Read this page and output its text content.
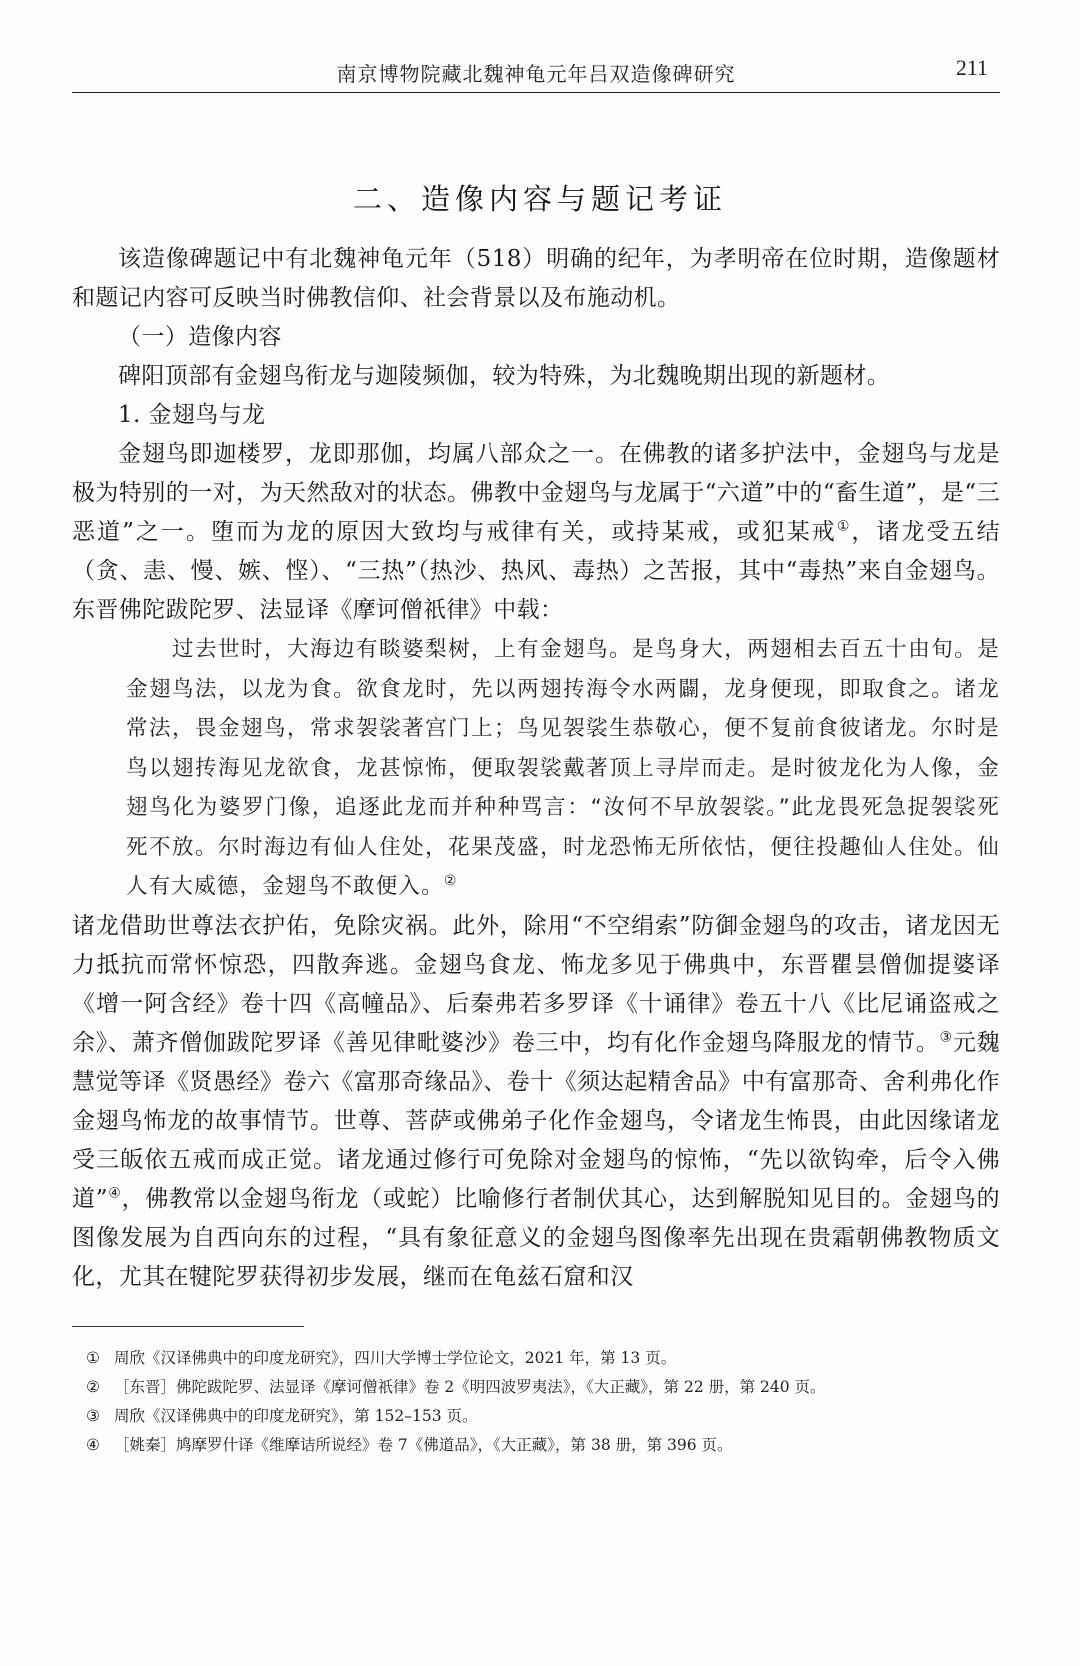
南京博物院藏北魏神龟元年吕双造像碑研究	211
二、造像内容与题记考证

该造像碑题记中有北魏神龟元年（518）明确的纪年，为孝明帝在位时期，造像题材和题记内容可反映当时佛教信仰、社会背景以及布施动机。

（一）造像内容

碑阳顶部有金翅鸟衔龙与迦陵频伽，较为特殊，为北魏晚期出现的新题材。

1. 金翅鸟与龙

金翅鸟即迦楼罗，龙即那伽，均属八部众之一。在佛教的诸多护法中，金翅鸟与龙是极为特别的一对，为天然敌对的状态。佛教中金翅鸟与龙属于“六道”中的“畜生道”，是“三恶道”之一。堕而为龙的原因大致均与戒律有关，或持某戒，或犯某戒①，诸龙受五结（贪、恚、慢、嫉、悭）、“三热”（热沙、热风、毒热）之苦报，其中“毒热”来自金翅鸟。东晋佛陀跋陀罗、法显译《摩诃僧祇律》中载：

过去世时，大海边有睒婆梨树，上有金翅鸟。是鸟身大，两翅相去百五十由旬。是金翅鸟法，以龙为食。欲食龙时，先以两翅抟海令水两闢，龙身便现，即取食之。诸龙常法，畏金翅鸟，常求袈裟著宫门上；鸟见袈裟生恭敬心，便不复前食彼诸龙。尔时是鸟以翅抟海见龙欲食，龙甚惊怖，便取袈裟戴著顶上寻岸而走。是时彼龙化为人像，金翅鸟化为婆罗门像，追逐此龙而并种种骂言：“汝何不早放袈裟。”此龙畏死急捉袈裟死死不放。尔时海边有仙人住处，花果茂盛，时龙恐怖无所依怙，便往投趣仙人住处。仙人有大威德，金翅鸟不敢便入。②

诸龙借助世尊法衣护佑，免除灾祸。此外，除用“不空绢索”防御金翅鸟的攻击，诸龙因无力抵抗而常怀惊恐，四散奔逃。金翅鸟食龙、怖龙多见于佛典中，东晋瞿昙僧伽提婆译《增一阿含经》卷十四《高幢品》、后秦弗若多罗译《十诵律》卷五十八《比尼诵盗戒之余》、萧齐僧伽跋陀罗译《善见律毗婆沙》卷三中，均有化作金翅鸟降服龙的情节。③元魏慧觉等译《贤愚经》卷六《富那奇缘品》、卷十《须达起精舍品》中有富那奇、舍利弗化作金翅鸟怖龙的故事情节。世尊、菩萨或佛弟子化作金翅鸟，令诸龙生怖畏，由此因缘诸龙受三皈依五戒而成正觉。诸龙通过修行可免除对金翅鸟的惊怖，“先以欲钩牵，后令入佛道”④，佛教常以金翅鸟衔龙（或蛇）比喻修行者制伏其心，达到解脱知见目的。金翅鸟的图像发展为自西向东的过程，“具有象征意义的金翅鸟图像率先出现在贵霜朝佛教物质文化，尤其在犍陀罗获得初步发展，继而在龟兹石窟和汉

① 周欣《汉译佛典中的印度龙研究》，四川大学博士学位论文，2021 年，第 13 页。
② ［东晋］佛陀跋陀罗、法显译《摩诃僧祇律》卷 2《明四波罗夷法》，《大正藏》，第 22 册，第 240 页。
③ 周欣《汉译佛典中的印度龙研究》，第 152–153 页。
④ ［姚秦］鸠摩罗什译《维摩诘所说经》卷 7《佛道品》，《大正藏》，第 38 册，第 396 页。
